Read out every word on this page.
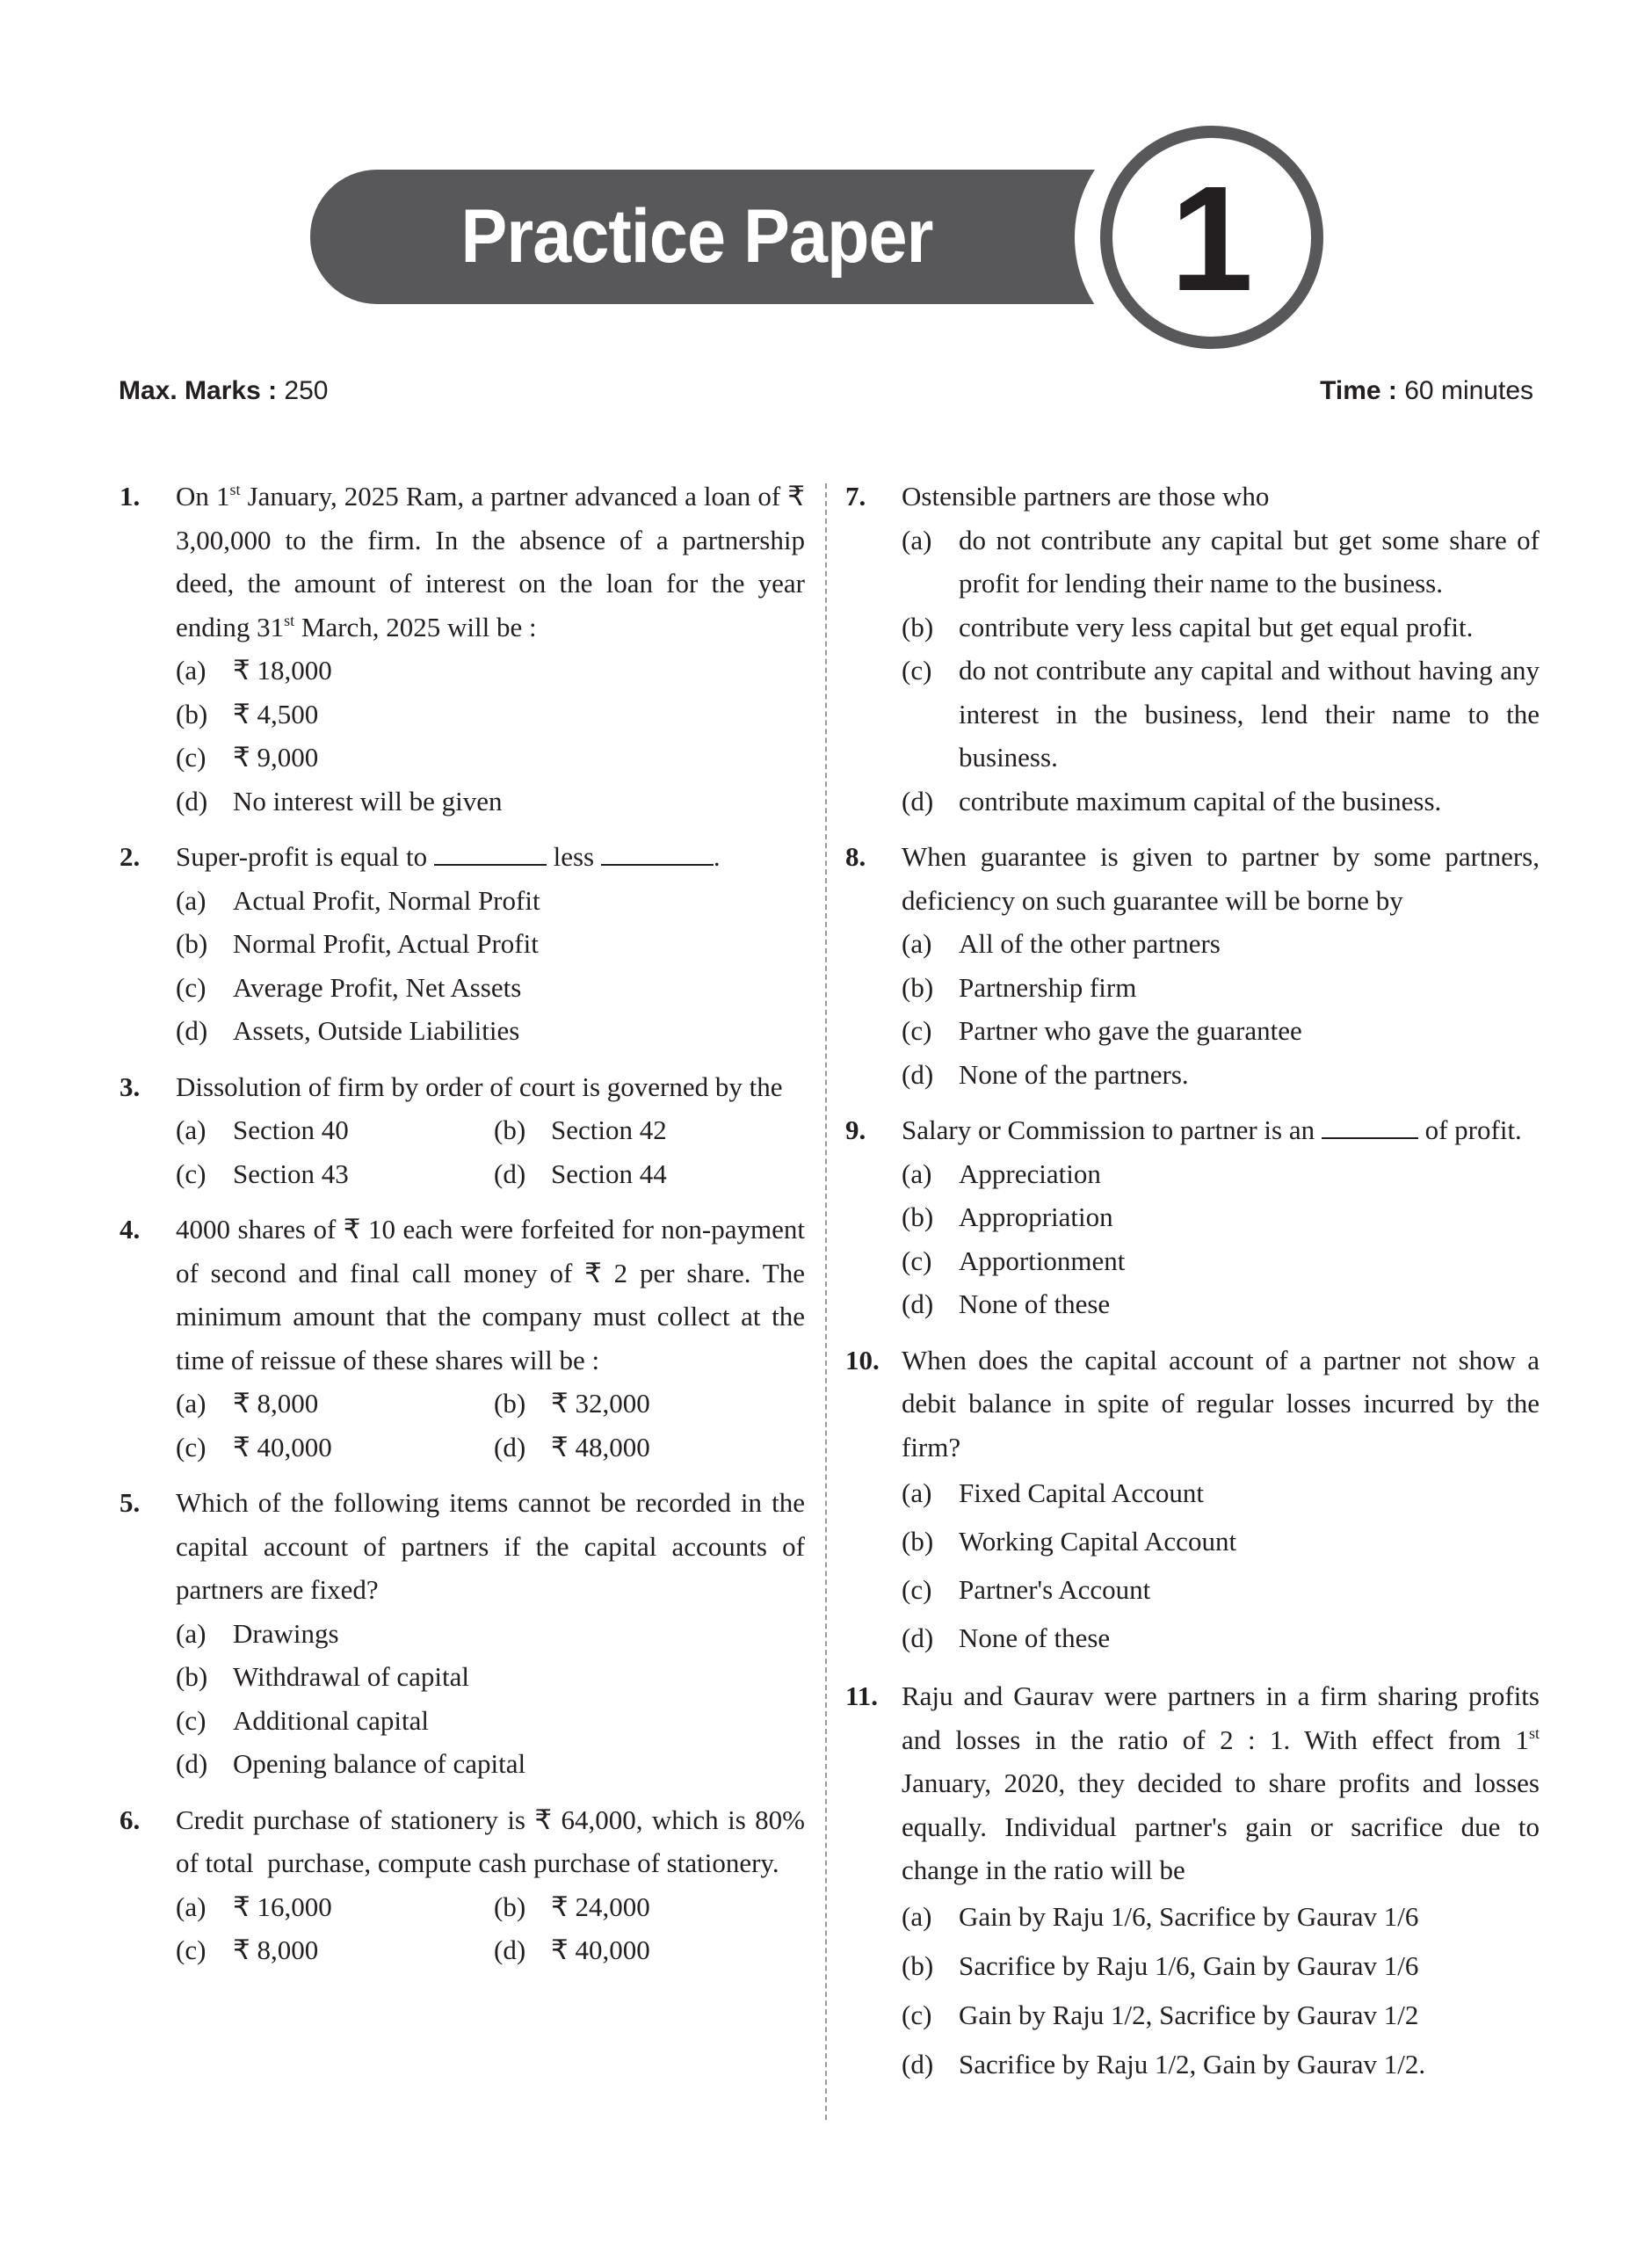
Practice Paper	1
Max. Marks : 250	Time : 60 minutes
1.	On 1st January, 2025 Ram, a partner advanced a loan of ₹ 3,00,000 to the firm. In the absence of a partnership deed, the amount of interest on the loan for the year ending 31st March, 2025 will be :
(a) ₹ 18,000
(b) ₹ 4,500
(c) ₹ 9,000
(d) No interest will be given
2.	Super-profit is equal to	less	.
(a) Actual Profit, Normal Profit
(b) Normal Profit, Actual Profit
(c) Average Profit, Net Assets
(d) Assets, Outside Liabilities
3.	Dissolution of firm by order of court is governed by the
(a) Section 40	(b) Section 42
(c) Section 43	(d) Section 44
4.	4000 shares of ₹ 10 each were forfeited for non-payment of second and final call money of ₹ 2 per share. The minimum amount that the company must collect at the time of reissue of these shares will be :
(a) ₹ 8,000	(b) ₹ 32,000
(c) ₹ 40,000	(d) ₹ 48,000
5.	Which of the following items cannot be recorded in the capital account of partners if the capital accounts of partners are fixed?
(a) Drawings
(b) Withdrawal of capital
(c) Additional capital
(d) Opening balance of capital
6.	Credit purchase of stationery is ₹ 64,000, which is 80% of total  purchase, compute cash purchase of stationery.
(a) ₹ 16,000	(b) ₹ 24,000
(c) ₹ 8,000	(d) ₹ 40,000
7.	Ostensible partners are those who
(a) do not contribute any capital but get some share of profit for lending their name to the business.
(b) contribute very less capital but get equal profit.
(c) do not contribute any capital and without having any interest in the business, lend their name to the business.
(d) contribute maximum capital of the business.
8.	When guarantee is given to partner by some partners, deficiency on such guarantee will be borne by
(a) All of the other partners
(b) Partnership firm
(c) Partner who gave the guarantee
(d) None of the partners.
9.	Salary or Commission to partner is an	of profit.
(a) Appreciation
(b) Appropriation
(c) Apportionment
(d) None of these
10. When does the capital account of a partner not show a debit balance in spite of regular losses incurred by the firm?
(a) Fixed Capital Account
(b) Working Capital Account
(c) Partner's Account
(d) None of these
11. Raju and Gaurav were partners in a firm sharing profits and losses in the ratio of 2 : 1. With effect from 1st January, 2020, they decided to share profits and losses equally. Individual partner's gain or sacrifice due to change in the ratio will be
(a) Gain by Raju 1/6, Sacrifice by Gaurav 1/6
(b) Sacrifice by Raju 1/6, Gain by Gaurav 1/6
(c) Gain by Raju 1/2, Sacrifice by Gaurav 1/2
(d) Sacrifice by Raju 1/2, Gain by Gaurav 1/2.
